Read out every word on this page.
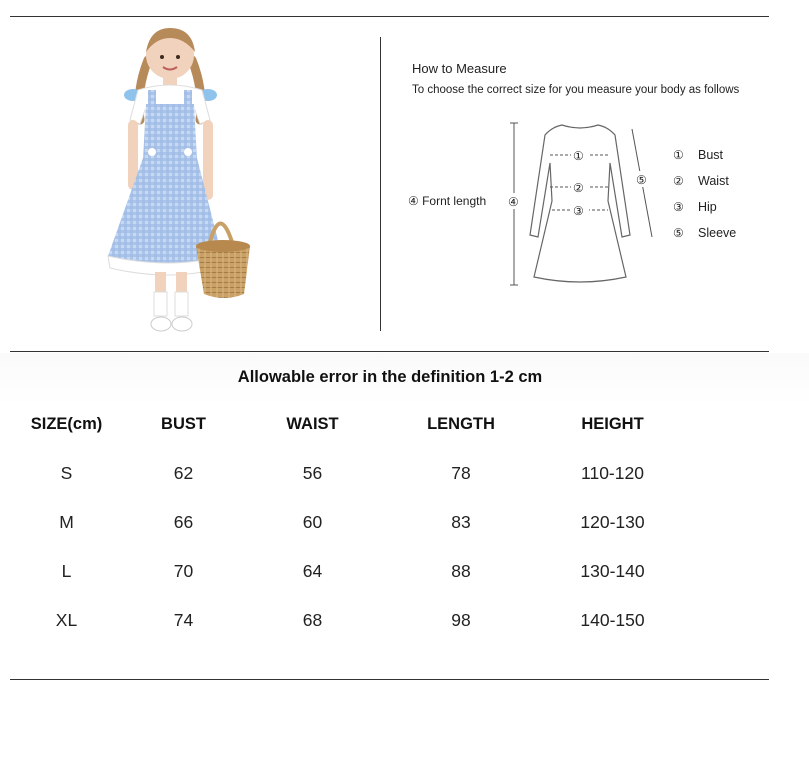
How to Measure
To choose the correct size for you measure your body as follows
④ Fornt length ④
①
②
③
⑤
① Bust
② Waist
③ Hip
⑤ Sleeve
Allowable error in the definition 1-2 cm
SIZE(cm)	BUST	WAIST	LENGTH	HEIGHT
S	62	56	78	110-120
M	66	60	83	120-130
L	70	64	88	130-140
XL	74	68	98	140-150
